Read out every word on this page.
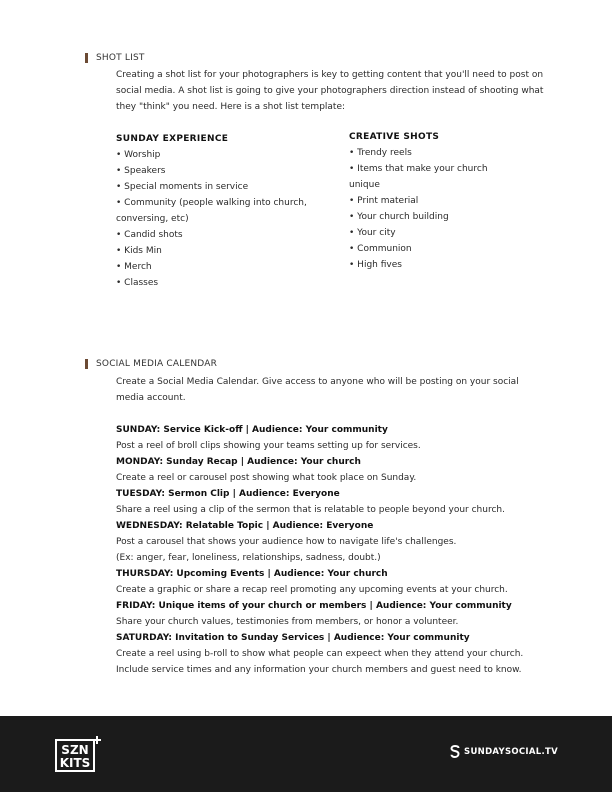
SHOT LIST
Creating a shot list for your photographers is key to getting content that you'll need to post on social media. A shot list is going to give your photographers direction instead of shooting what they "think" you need. Here is a shot list template:
SUNDAY EXPERIENCE
• Worship
• Speakers
• Special moments in service
• Community (people walking into church, conversing, etc)
• Candid shots
• Kids Min
• Merch
• Classes
CREATIVE SHOTS
• Trendy reels
• Items that make your church unique
• Print material
• Your church building
• Your city
• Communion
• High fives
SOCIAL MEDIA CALENDAR
Create a Social Media Calendar. Give access to anyone who will be posting on your social media account.
SUNDAY: Service Kick-off | Audience: Your community
Post a reel of broll clips showing your teams setting up for services.
MONDAY: Sunday Recap | Audience: Your church
Create a reel or carousel post showing what took place on Sunday.
TUESDAY: Sermon Clip | Audience: Everyone
Share a reel using a clip of the sermon that is relatable to people beyond your church.
WEDNESDAY: Relatable Topic | Audience: Everyone
Post a carousel that shows your audience how to navigate life's challenges.
(Ex: anger, fear, loneliness, relationships, sadness, doubt.)
THURSDAY: Upcoming Events | Audience: Your church
Create a graphic or share a recap reel promoting any upcoming events at your church.
FRIDAY: Unique items of your church or members | Audience: Your community
Share your church values, testimonies from members, or honor a volunteer.
SATURDAY: Invitation to Sunday Services | Audience: Your community
Create a reel using b-roll to show what people can expeect when they attend your church. Include service times and any information your church members and guest need to know.
SZN
KITS
SUNDAYSOCIAL.TV
